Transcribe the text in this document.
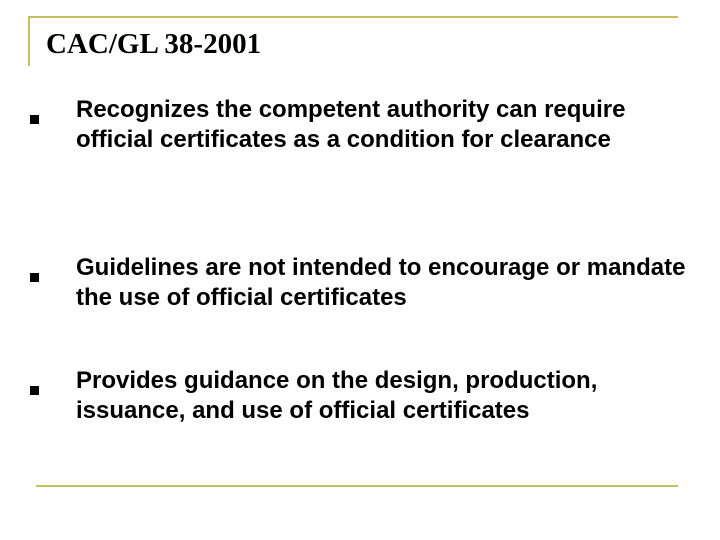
CAC/GL 38-2001
Recognizes the competent authority can require official certificates as a condition for clearance
Guidelines are not intended to encourage or mandate the use of official certificates
Provides guidance on the design, production, issuance, and use of official certificates
